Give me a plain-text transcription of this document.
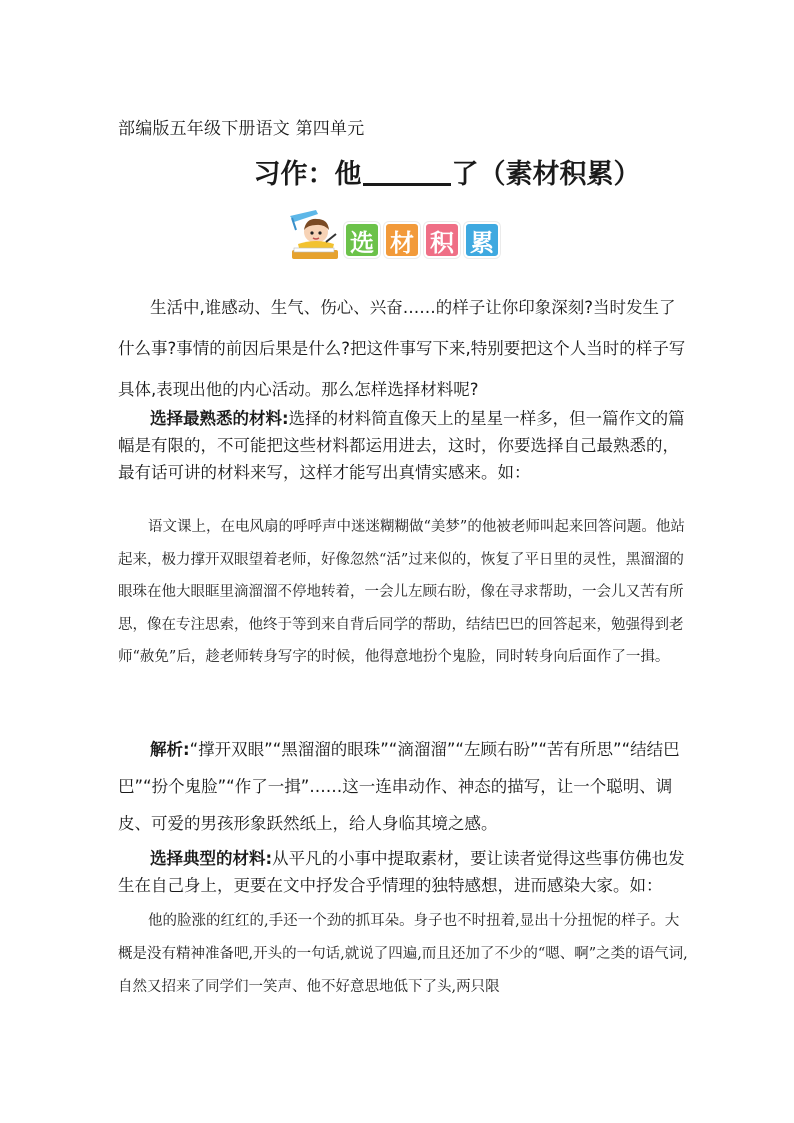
部编版五年级下册语文 第四单元
习作：他	了（素材积累）
选 材 积 累

生活中,谁感动、生气、伤心、兴奋……的样子让你印象深刻?当时发生了什么事?事情的前因后果是什么?把这件事写下来,特别要把这个人当时的样子写具体,表现出他的内心活动。那么怎样选择材料呢?

选择最熟悉的材料:选择的材料简直像天上的星星一样多，但一篇作文的篇幅是有限的，不可能把这些材料都运用进去，这时，你要选择自己最熟悉的，最有话可讲的材料来写，这样才能写出真情实感来。如：

语文课上，在电风扇的呼呼声中迷迷糊糊做“美梦”的他被老师叫起来回答问题。他站起来，极力撑开双眼望着老师，好像忽然“活”过来似的，恢复了平日里的灵性，黑溜溜的眼珠在他大眼眶里滴溜溜不停地转着，一会儿左顾右盼，像在寻求帮助，一会儿又苦有所思，像在专注思索，他终于等到来自背后同学的帮助，结结巴巴的回答起来，勉强得到老师“赦免”后，趁老师转身写字的时候，他得意地扮个鬼脸，同时转身向后面作了一揖。

解析:“撑开双眼”“黑溜溜的眼珠”“滴溜溜”“左顾右盼”“苦有所思”“结结巴巴”“扮个鬼脸”“作了一揖”……这一连串动作、神态的描写，让一个聪明、调皮、可爱的男孩形象跃然纸上，给人身临其境之感。

选择典型的材料:从平凡的小事中提取素材，要让读者觉得这些事仿佛也发生在自己身上，更要在文中抒发合乎情理的独特感想，进而感染大家。如：

他的脸涨的红红的,手还一个劲的抓耳朵。身子也不时扭着,显出十分扭怩的样子。大概是没有精神准备吧,开头的一句话,就说了四遍,而且还加了不少的“嗯、啊”之类的语气词,自然又招来了同学们一笑声、他不好意思地低下了头,两只限
